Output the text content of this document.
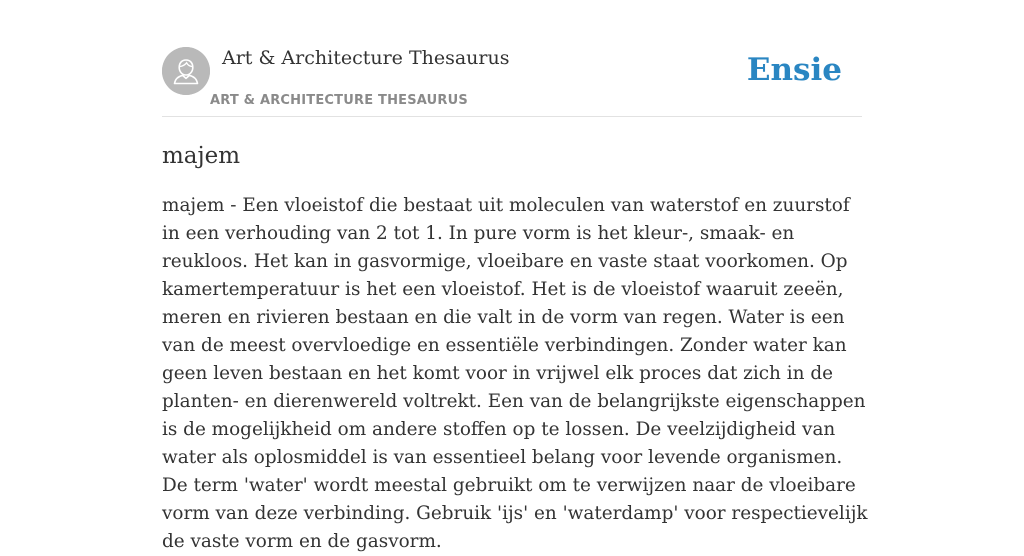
Art & Architecture Thesaurus
ART & ARCHITECTURE THESAURUS
Ensie
majem

majem - Een vloeistof die bestaat uit moleculen van waterstof en zuurstof in een verhouding van 2 tot 1. In pure vorm is het kleur-, smaak- en reukloos. Het kan in gasvormige, vloeibare en vaste staat voorkomen. Op kamertemperatuur is het een vloeistof. Het is de vloeistof waaruit zeeën, meren en rivieren bestaan en die valt in de vorm van regen. Water is een van de meest overvloedige en essentiële verbindingen. Zonder water kan geen leven bestaan en het komt voor in vrijwel elk proces dat zich in de planten- en dierenwereld voltrekt. Een van de belangrijkste eigenschappen is de mogelijkheid om andere stoffen op te lossen. De veelzijdigheid van water als oplosmiddel is van essentieel belang voor levende organismen. De term 'water' wordt meestal gebruikt om te verwijzen naar de vloeibare vorm van deze verbinding. Gebruik 'ijs' en 'waterdamp' voor respectievelijk de vaste vorm en de gasvorm.
